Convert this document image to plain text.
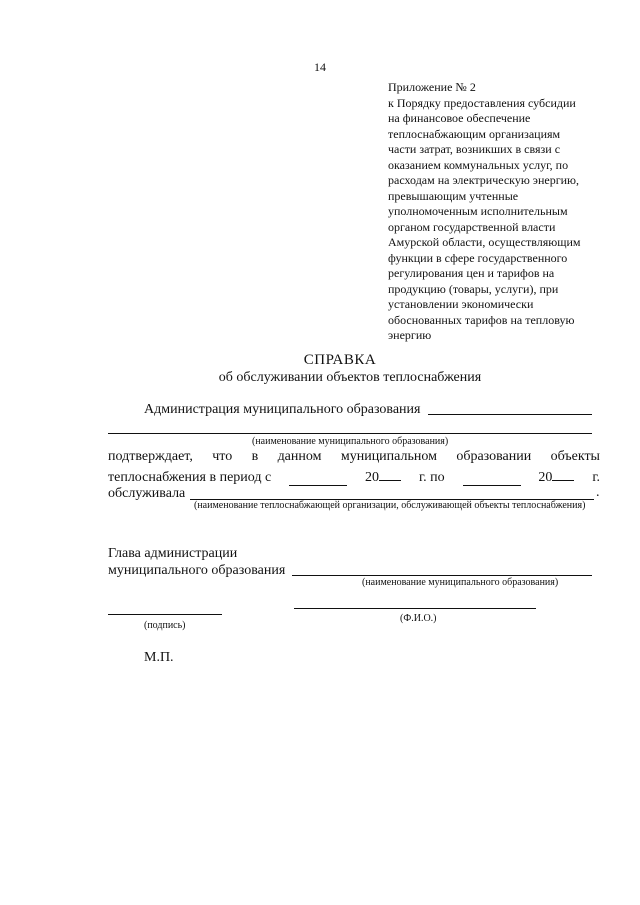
14
Приложение № 2
к Порядку предоставления субсидии
на финансовое обеспечение
теплоснабжающим организациям
части затрат, возникших в связи с
оказанием коммунальных услуг, по
расходам на электрическую энергию,
превышающим учтенные
уполномоченным исполнительным
органом государственной власти
Амурской области, осуществляющим
функции в сфере государственного
регулирования цен и тарифов на
продукцию (товары, услуги), при
установлении экономически
обоснованных тарифов на тепловую
энергию
СПРАВКА
об обслуживании объектов теплоснабжения
Администрация муниципального образования
(наименование муниципального образования)
подтверждает, что в данном муниципальном образовании объекты
теплоснабжения в период с	20	г. по	20	г.
обслуживала	.
(наименование теплоснабжающей организации, обслуживающей объекты теплоснабжения)
Глава администрации
муниципального образования
(наименование муниципального образования)
(подпись)
(Ф.И.О.)
М.П.
